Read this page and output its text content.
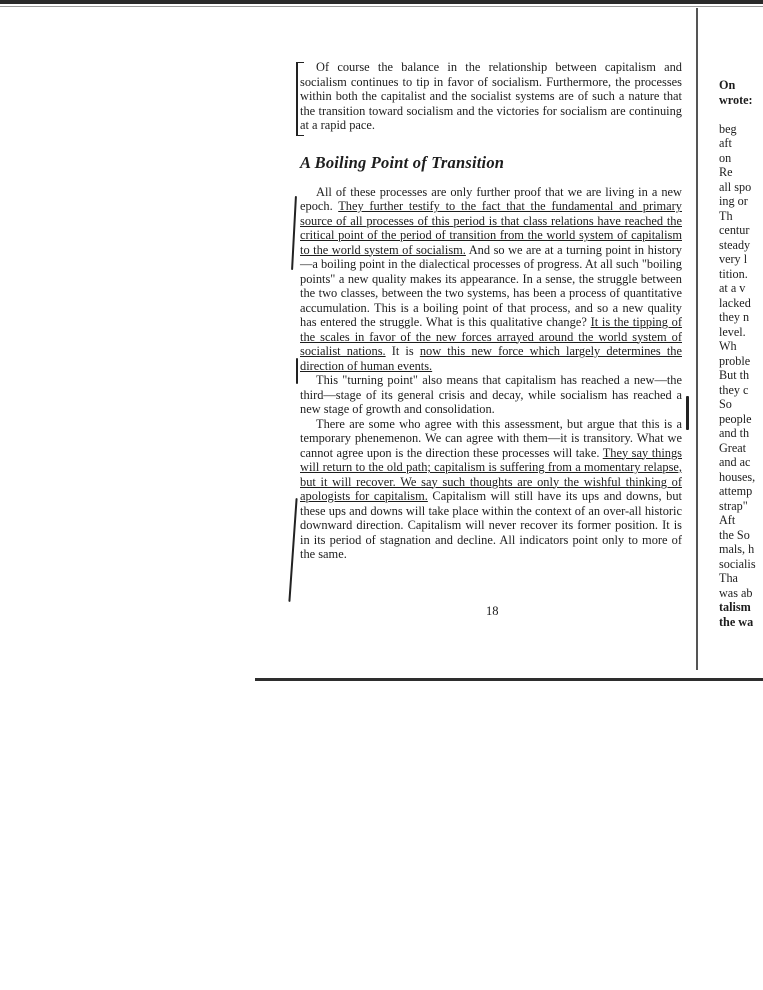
Of course the balance in the relationship between capitalism and socialism continues to tip in favor of socialism. Furthermore, the processes within both the capitalist and the socialist systems are of such a nature that the transition toward socialism and the victories for socialism are continuing at a rapid pace.

A Boiling Point of Transition

All of these processes are only further proof that we are living in a new epoch. They further testify to the fact that the fundamental and primary source of all processes of this period is that class relations have reached the critical point of the period of transition from the world system of capitalism to the world system of socialism. And so we are at a turning point in history—a boiling point in the dialectical processes of progress. At all such "boiling points" a new quality makes its appearance. In a sense, the struggle between the two classes, between the two systems, has been a process of quantitative accumulation. This is a boiling point of that process, and so a new quality has entered the struggle. What is this qualitative change? It is the tipping of the scales in favor of the new forces arrayed around the world system of socialist nations. It is now this new force which largely determines the direction of human events.

This "turning point" also means that capitalism has reached a new—the third—stage of its general crisis and decay, while socialism has reached a new stage of growth and consolidation.

There are some who agree with this assessment, but argue that this is a temporary phenemenon. We can agree with them—it is transitory. What we cannot agree upon is the direction these processes will take. They say things will return to the old path; capitalism is suffering from a momentary relapse, but it will recover. We say such thoughts are only the wishful thinking of apologists for capitalism. Capitalism will still have its ups and downs, but these ups and downs will take place within the context of an over-all historic downward direction. Capitalism will never recover its former position. It is in its period of stagnation and decline. All indicators point only to more of the same.

18
On
wrote:
beg
aft
on
Re
all spo
ing or
Th
centur
steady
very l
tition.
at a v
lacked
they n
level.
Wh
proble
But th
they c
So
people
and th
Great
and ac
houses,
attemp
strap"
Aft
the So
mals, h
socialis
Tha
was ab
talism
the wa
